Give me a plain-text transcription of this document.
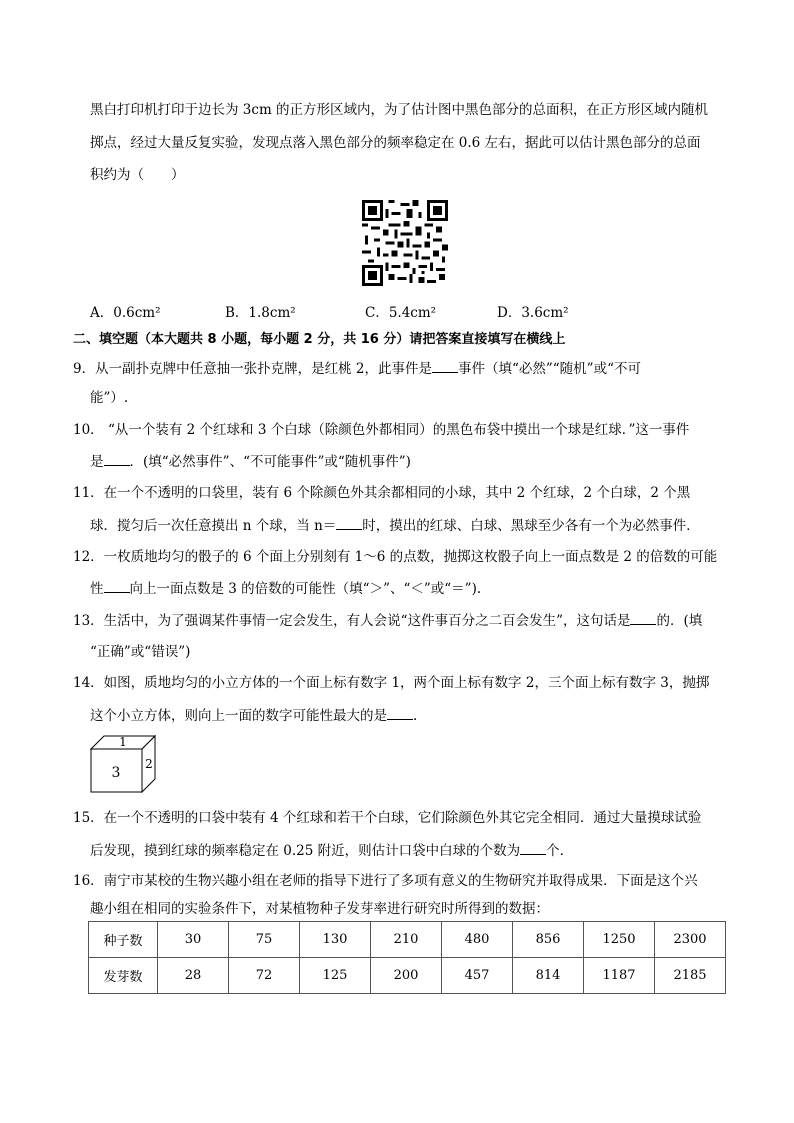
黑白打印机打印于边长为 3cm 的正方形区域内，为了估计图中黑色部分的总面积，在正方形区域内随机
掷点，经过大量反复实验，发现点落入黑色部分的频率稳定在 0.6 左右，据此可以估计黑色部分的总面
积约为（　　）
A．0.6cm²	B．1.8cm²	C．5.4cm²	D．3.6cm²
二、填空题（本大题共 8 小题，每小题 2 分，共 16 分）请把答案直接填写在横线上
9．从一副扑克牌中任意抽一张扑克牌，是红桃 2，此事件是 事件（填“必然”“随机”或“不可
能”）.
10． “从一个装有 2 个红球和 3 个白球（除颜色外都相同）的黑色布袋中摸出一个球是红球．”这一事件
是 ．(填“必然事件”、“不可能事件”或“随机事件”)
11．在一个不透明的口袋里，装有 6 个除颜色外其余都相同的小球，其中 2 个红球，2 个白球，2 个黑
球．搅匀后一次任意摸出 n 个球，当 n＝ 时，摸出的红球、白球、黑球至少各有一个为必然事件．
12．一枚质地均匀的骰子的 6 个面上分别刻有 1～6 的点数，抛掷这枚骰子向上一面点数是 2 的倍数的可能
性 向上一面点数是 3 的倍数的可能性（填“＞”、“＜”或“＝”).
13．生活中，为了强调某件事情一定会发生，有人会说“这件事百分之二百会发生”，这句话是 的．(填
“正确”或“错误”)
14．如图，质地均匀的小立方体的一个面上标有数字 1，两个面上标有数字 2，三个面上标有数字 3，抛掷
这个小立方体，则向上一面的数字可能性最大的是 .
1
3
2
15．在一个不透明的口袋中装有 4 个红球和若干个白球，它们除颜色外其它完全相同．通过大量摸球试验
后发现，摸到红球的频率稳定在 0.25 附近，则估计口袋中白球的个数为 个．
16．南宁市某校的生物兴趣小组在老师的指导下进行了多项有意义的生物研究并取得成果．下面是这个兴
趣小组在相同的实验条件下，对某植物种子发芽率进行研究时所得到的数据：
种子数	30	75	130	210	480	856	1250	2300
发芽数	28	72	125	200	457	814	1187	2185
